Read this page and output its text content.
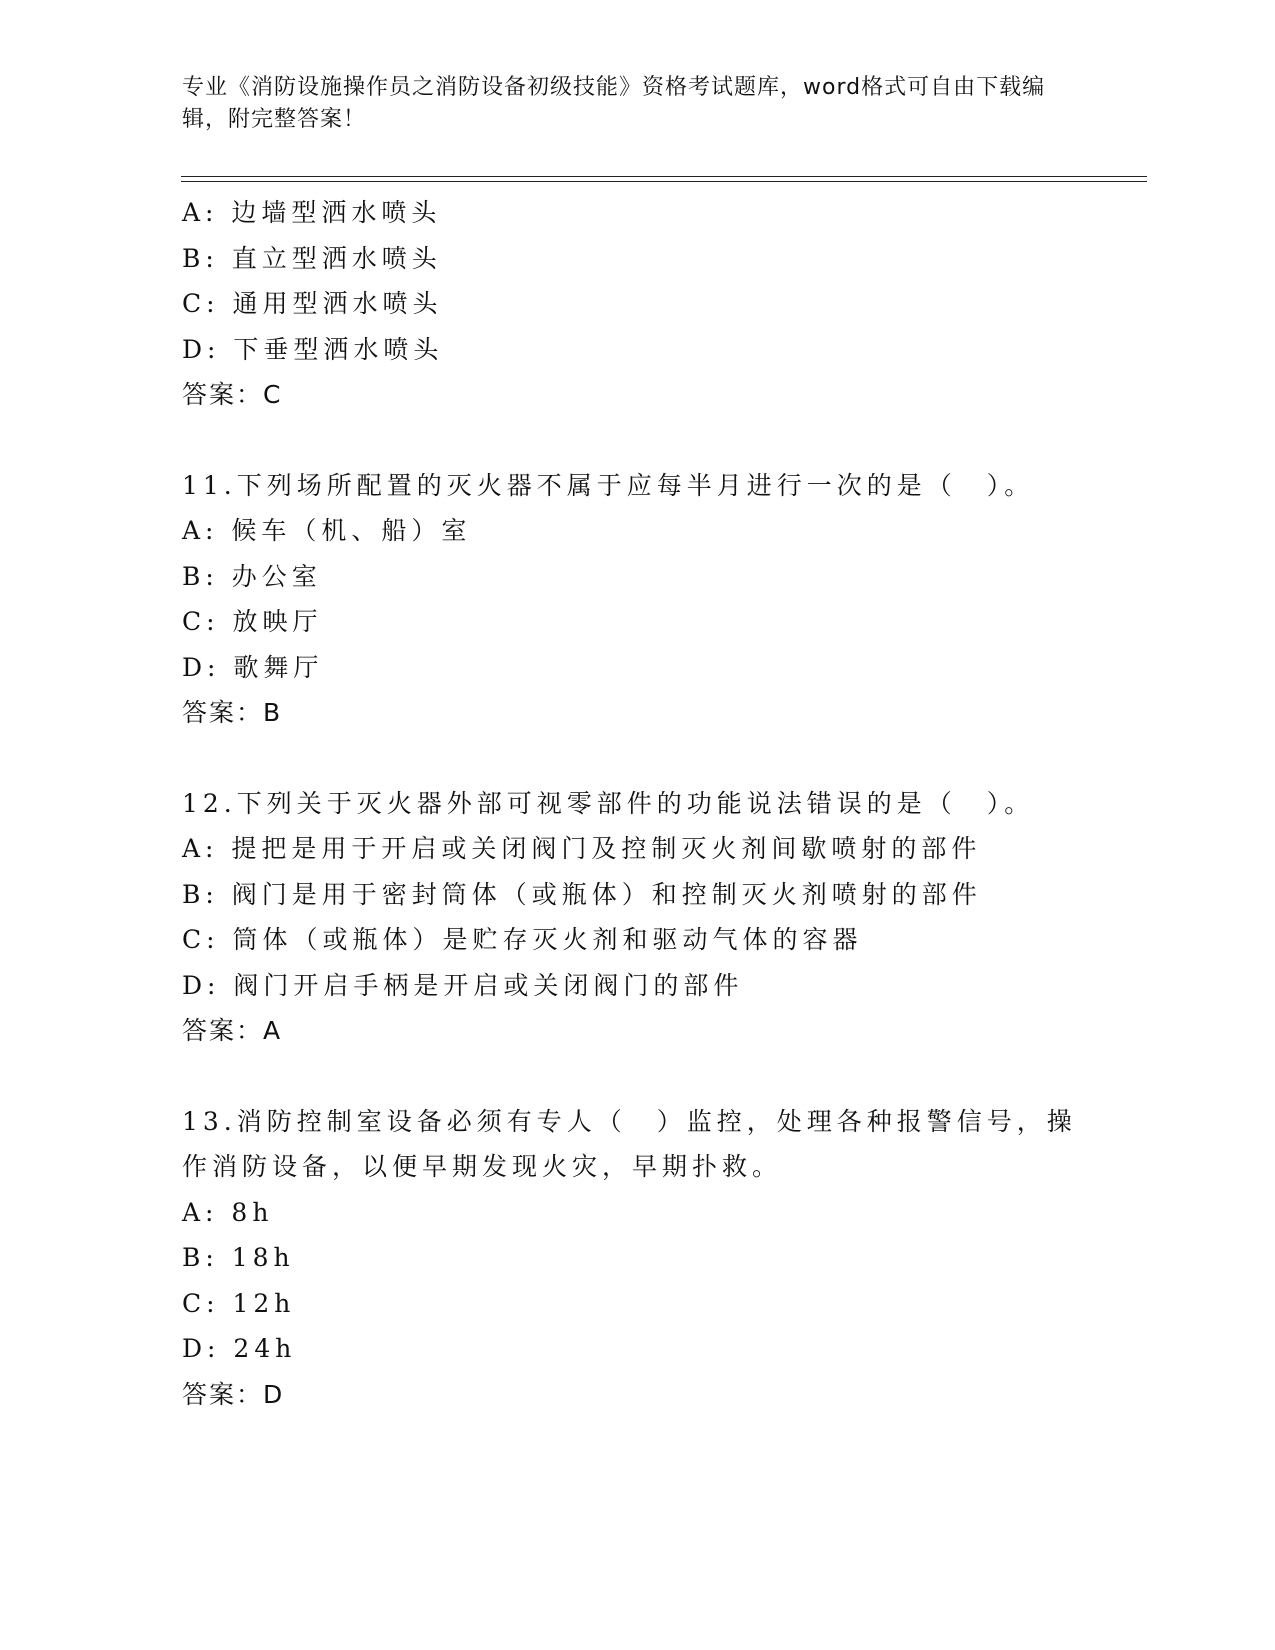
专业《消防设施操作员之消防设备初级技能》资格考试题库，word格式可自由下载编辑，附完整答案！
A: 边墙型洒水喷头
B: 直立型洒水喷头
C: 通用型洒水喷头
D: 下垂型洒水喷头
答案：C
11.下列场所配置的灭火器不属于应每半月进行一次的是（　）。
A: 候车（机、船）室
B: 办公室
C: 放映厅
D: 歌舞厅
答案：B
12.下列关于灭火器外部可视零部件的功能说法错误的是（　）。
A: 提把是用于开启或关闭阀门及控制灭火剂间歇喷射的部件
B: 阀门是用于密封筒体（或瓶体）和控制灭火剂喷射的部件
C: 筒体（或瓶体）是贮存灭火剂和驱动气体的容器
D: 阀门开启手柄是开启或关闭阀门的部件
答案：A
13.消防控制室设备必须有专人（　）监控，处理各种报警信号，操作消防设备，以便早期发现火灾，早期扑救。
A: 8h
B: 18h
C: 12h
D: 24h
答案：D
